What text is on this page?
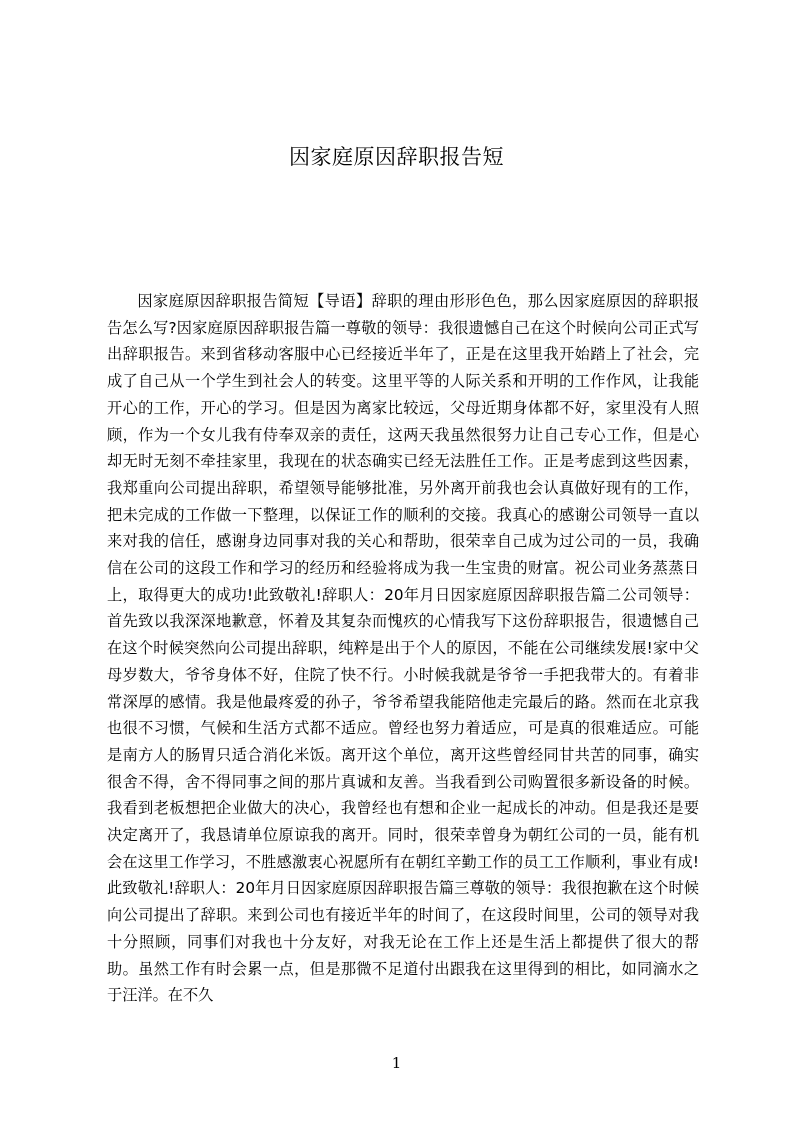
因家庭原因辞职报告短

因家庭原因辞职报告简短【导语】辞职的理由形形色色，那么因家庭原因的辞职报告怎么写?因家庭原因辞职报告篇一尊敬的领导：我很遗憾自己在这个时候向公司正式写出辞职报告。来到省移动客服中心已经接近半年了，正是在这里我开始踏上了社会，完成了自己从一个学生到社会人的转变。这里平等的人际关系和开明的工作作风，让我能开心的工作，开心的学习。但是因为离家比较远，父母近期身体都不好，家里没有人照顾，作为一个女儿我有侍奉双亲的责任，这两天我虽然很努力让自己专心工作，但是心却无时无刻不牵挂家里，我现在的状态确实已经无法胜任工作。正是考虑到这些因素，我郑重向公司提出辞职，希望领导能够批准，另外离开前我也会认真做好现有的工作，把未完成的工作做一下整理，以保证工作的顺利的交接。我真心的感谢公司领导一直以来对我的信任，感谢身边同事对我的关心和帮助，很荣幸自己成为过公司的一员，我确信在公司的这段工作和学习的经历和经验将成为我一生宝贵的财富。祝公司业务蒸蒸日上，取得更大的成功!此致敬礼!辞职人：20年月日因家庭原因辞职报告篇二公司领导：首先致以我深深地歉意，怀着及其复杂而愧疚的心情我写下这份辞职报告，很遗憾自己在这个时候突然向公司提出辞职，纯粹是出于个人的原因，不能在公司继续发展!家中父母岁数大，爷爷身体不好，住院了快不行。小时候我就是爷爷一手把我带大的。有着非常深厚的感情。我是他最疼爱的孙子，爷爷希望我能陪他走完最后的路。然而在北京我也很不习惯，气候和生活方式都不适应。曾经也努力着适应，可是真的很难适应。可能是南方人的肠胃只适合消化米饭。离开这个单位，离开这些曾经同甘共苦的同事，确实很舍不得，舍不得同事之间的那片真诚和友善。当我看到公司购置很多新设备的时候。我看到老板想把企业做大的决心，我曾经也有想和企业一起成长的冲动。但是我还是要决定离开了，我恳请单位原谅我的离开。同时，很荣幸曾身为朝红公司的一员，能有机会在这里工作学习，不胜感激衷心祝愿所有在朝红辛勤工作的员工工作顺利，事业有成!此致敬礼!辞职人：20年月日因家庭原因辞职报告篇三尊敬的领导：我很抱歉在这个时候向公司提出了辞职。来到公司也有接近半年的时间了，在这段时间里，公司的领导对我十分照顾，同事们对我也十分友好，对我无论在工作上还是生活上都提供了很大的帮助。虽然工作有时会累一点，但是那微不足道付出跟我在这里得到的相比，如同滴水之于汪洋。在不久

1
